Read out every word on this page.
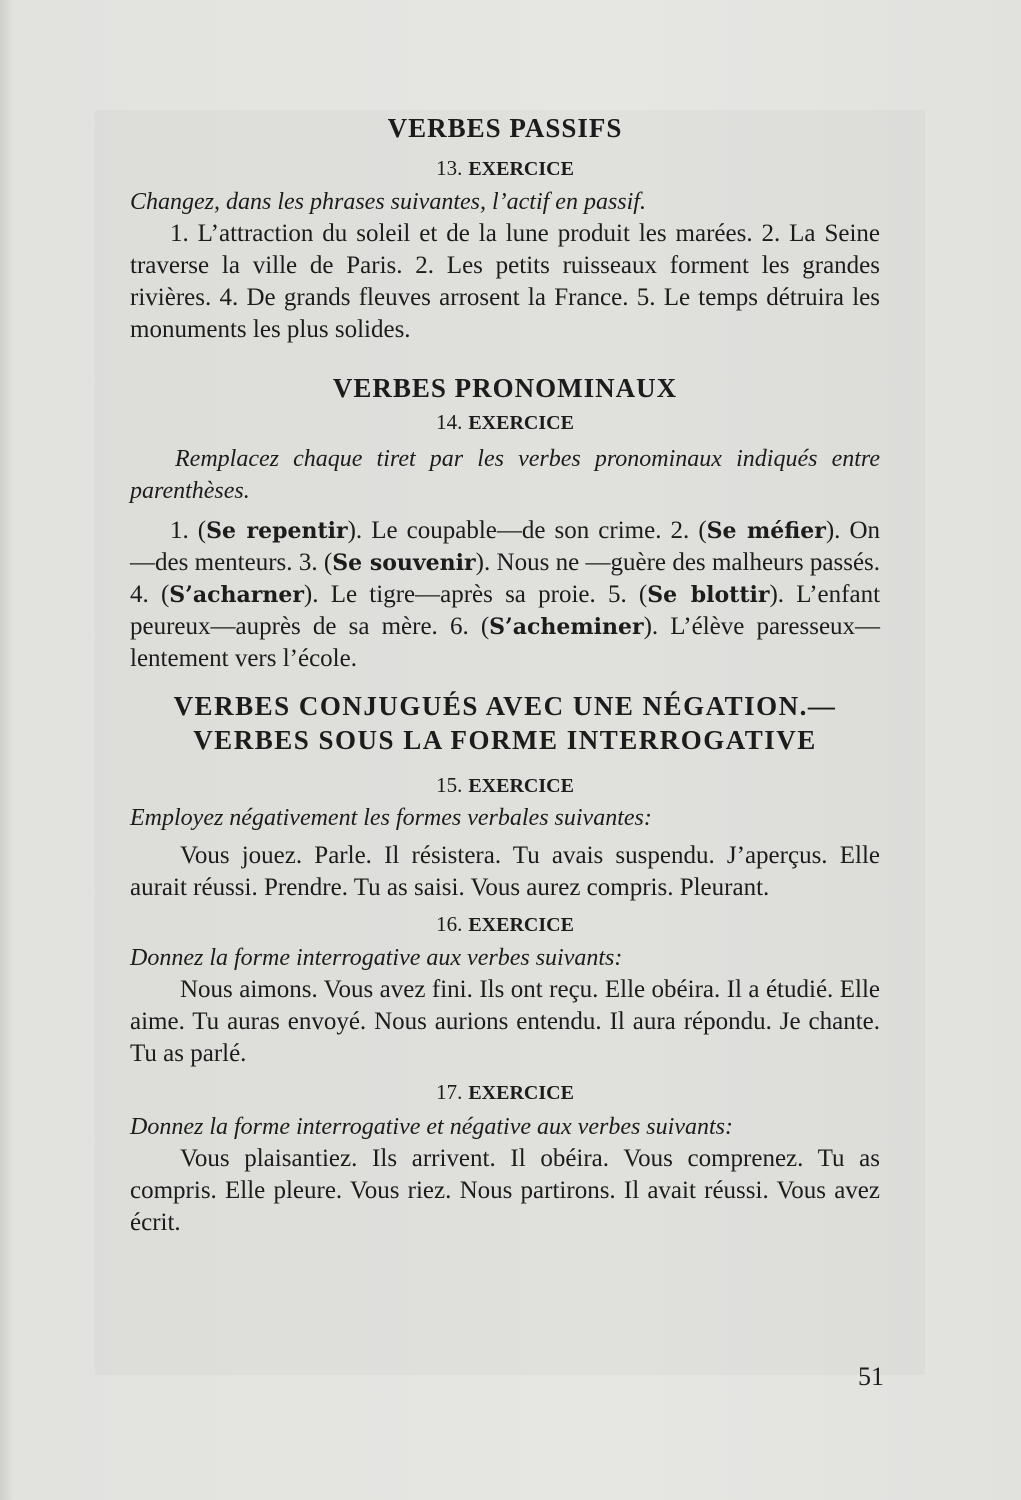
VERBES PASSIFS
13. EXERCICE

Changez, dans les phrases suivantes, l’actif en passif.

1. L’attraction du soleil et de la lune produit les marées. 2. La Seine traverse la ville de Paris. 2. Les petits ruisseaux forment les grandes rivières. 4. De grands fleuves arrosent la France. 5. Le temps détruira les monuments les plus solides.

VERBES PRONOMINAUX
14. EXERCICE

Remplacez chaque tiret par les verbes pronominaux indiqués entre parenthèses.

1. (Se repentir). Le coupable—de son crime. 2. (Se méfier). On —des menteurs. 3. (Se souvenir). Nous ne —guère des malheurs passés. 4. (S’acharner). Le tigre—après sa proie. 5. (Se blottir). L’enfant peureux—auprès de sa mère. 6. (S’acheminer). L’élève paresseux—lentement vers l’école.

VERBES CONJUGUÉS AVEC UNE NÉGATION.—
VERBES SOUS LA FORME INTERROGATIVE
15. EXERCICE

Employez négativement les formes verbales suivantes:

Vous jouez. Parle. Il résistera. Tu avais suspendu. J’aperçus. Elle aurait réussi. Prendre. Tu as saisi. Vous aurez compris. Pleurant.

16. EXERCICE

Donnez la forme interrogative aux verbes suivants:

Nous aimons. Vous avez fini. Ils ont reçu. Elle obéira. Il a étudié. Elle aime. Tu auras envoyé. Nous aurions entendu. Il aura répondu. Je chante. Tu as parlé.

17. EXERCICE

Donnez la forme interrogative et négative aux verbes suivants:

Vous plaisantiez. Ils arrivent. Il obéira. Vous comprenez. Tu as compris. Elle pleure. Vous riez. Nous partirons. Il avait réussi. Vous avez écrit.

51
